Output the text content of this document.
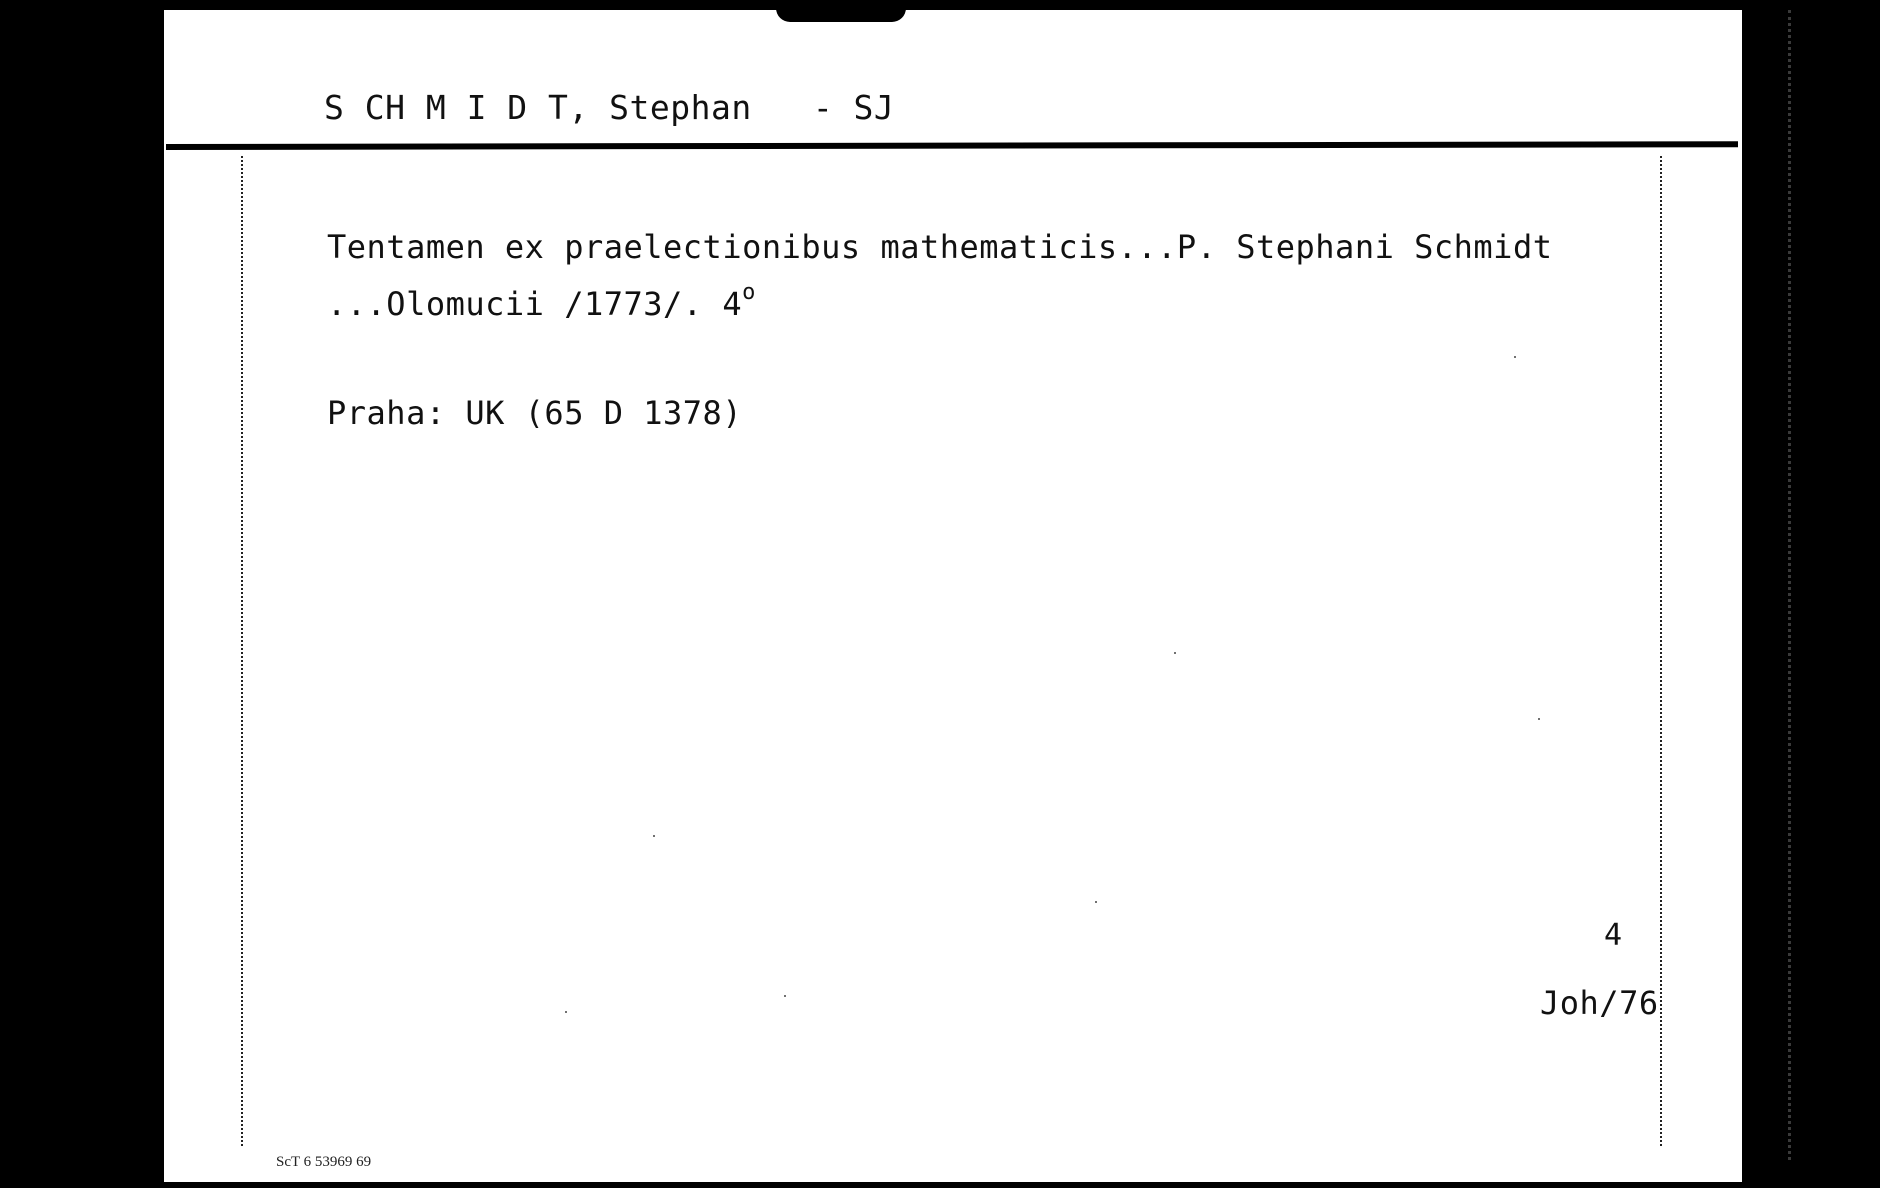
S CH M I D T, Stephan   - SJ
Tentamen ex praelectionibus mathematicis...P. Stephani Schmidt
...Olomucii /1773/. 4$^o$
Praha: UK (65 D 1378)
4
Joh/76
ScT 6 53969 69
